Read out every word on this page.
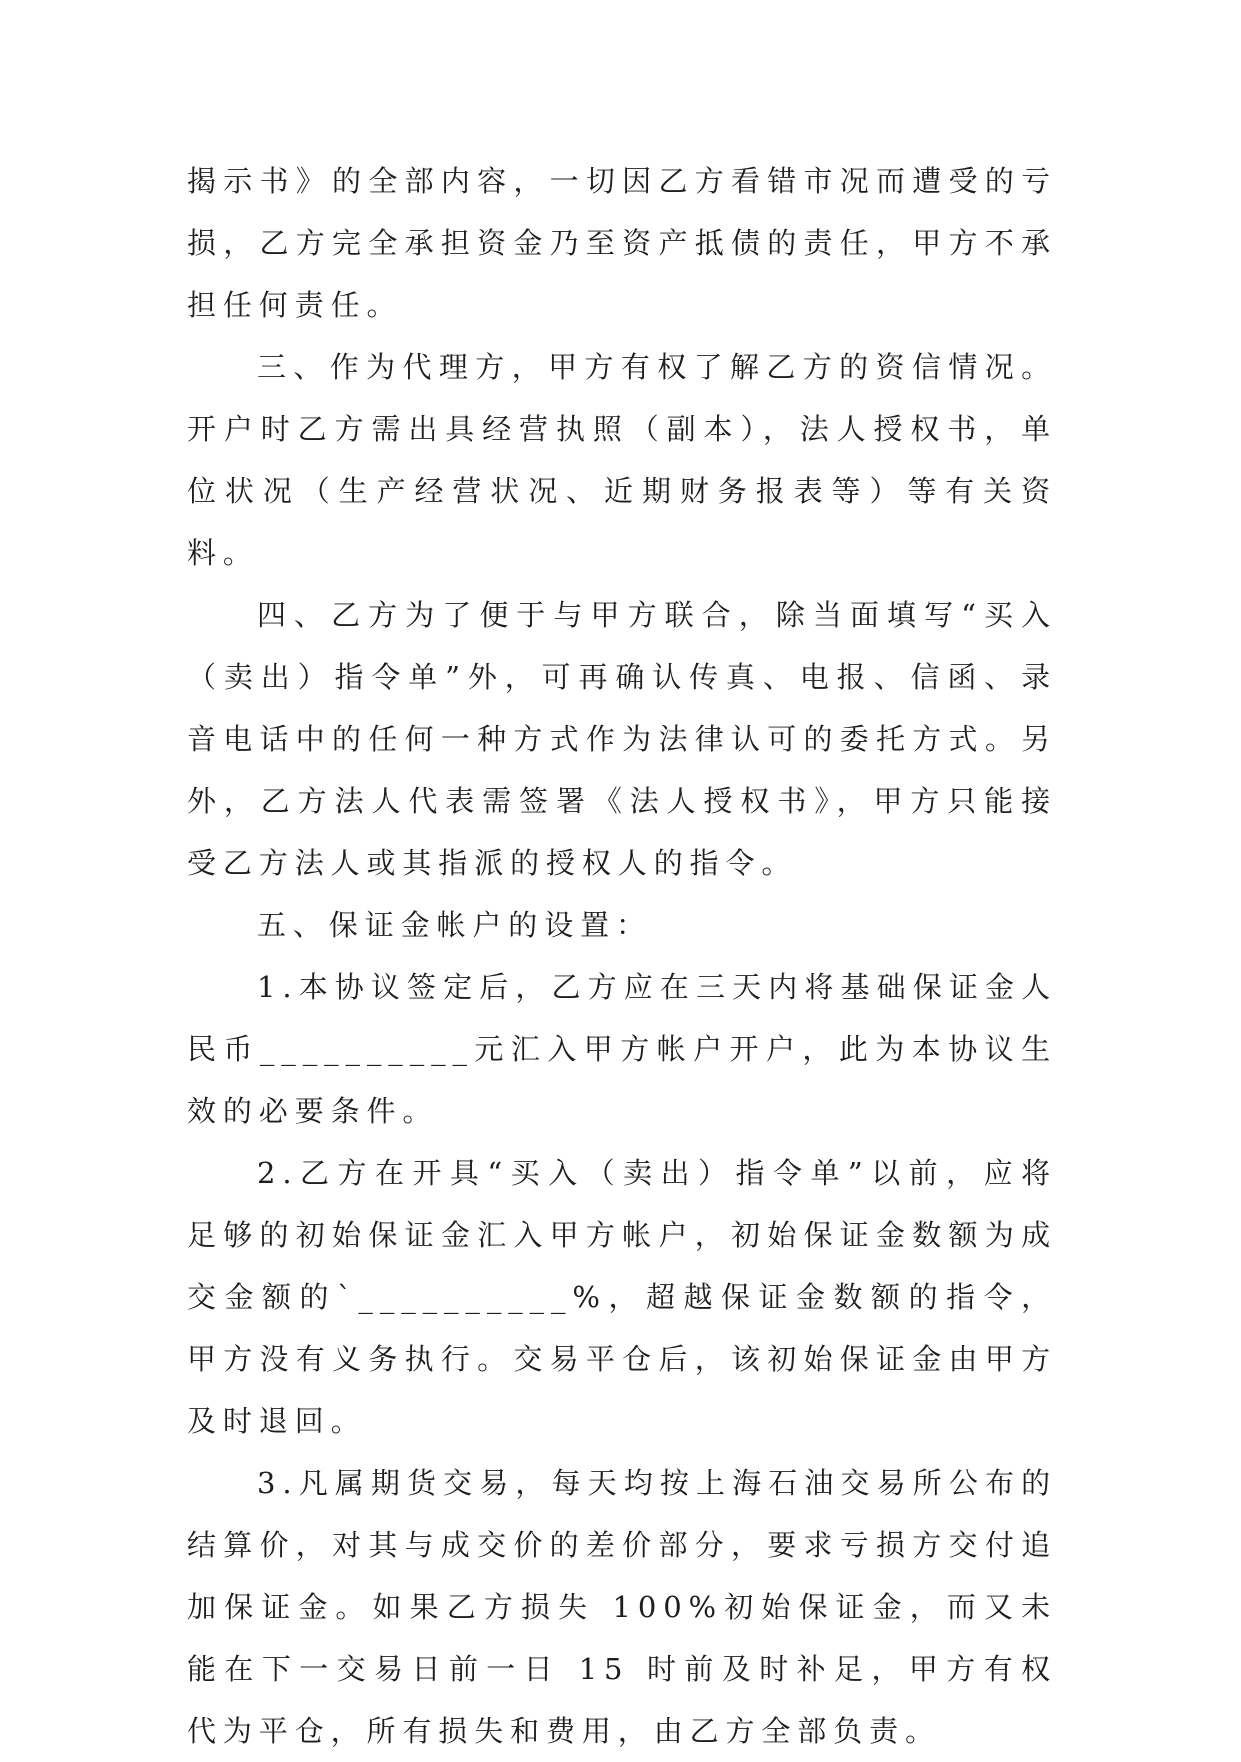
揭示书》的全部内容，一切因乙方看错市况而遭受的亏损，乙方完全承担资金乃至资产抵债的责任，甲方不承担任何责任。

三、作为代理方，甲方有权了解乙方的资信情况。开户时乙方需出具经营执照（副本），法人授权书，单位状况（生产经营状况、近期财务报表等）等有关资料。

四、乙方为了便于与甲方联合，除当面填写“买入（卖出）指令单”外，可再确认传真、电报、信函、录音电话中的任何一种方式作为法律认可的委托方式。另外，乙方法人代表需签署《法人授权书》，甲方只能接受乙方法人或其指派的授权人的指令。

五、保证金帐户的设置：

1.本协议签定后，乙方应在三天内将基础保证金人民币__________元汇入甲方帐户开户，此为本协议生效的必要条件。

2.乙方在开具“买入（卖出）指令单”以前，应将足够的初始保证金汇入甲方帐户，初始保证金数额为成交金额的`__________%，超越保证金数额的指令，甲方没有义务执行。交易平仓后，该初始保证金由甲方及时退回。

3.凡属期货交易，每天均按上海石油交易所公布的结算价，对其与成交价的差价部分，要求亏损方交付追加保证金。如果乙方损失 100%初始保证金，而又未能在下一交易日前一日 15 时前及时补足，甲方有权代为平仓，所有损失和费用，由乙方全部负责。
